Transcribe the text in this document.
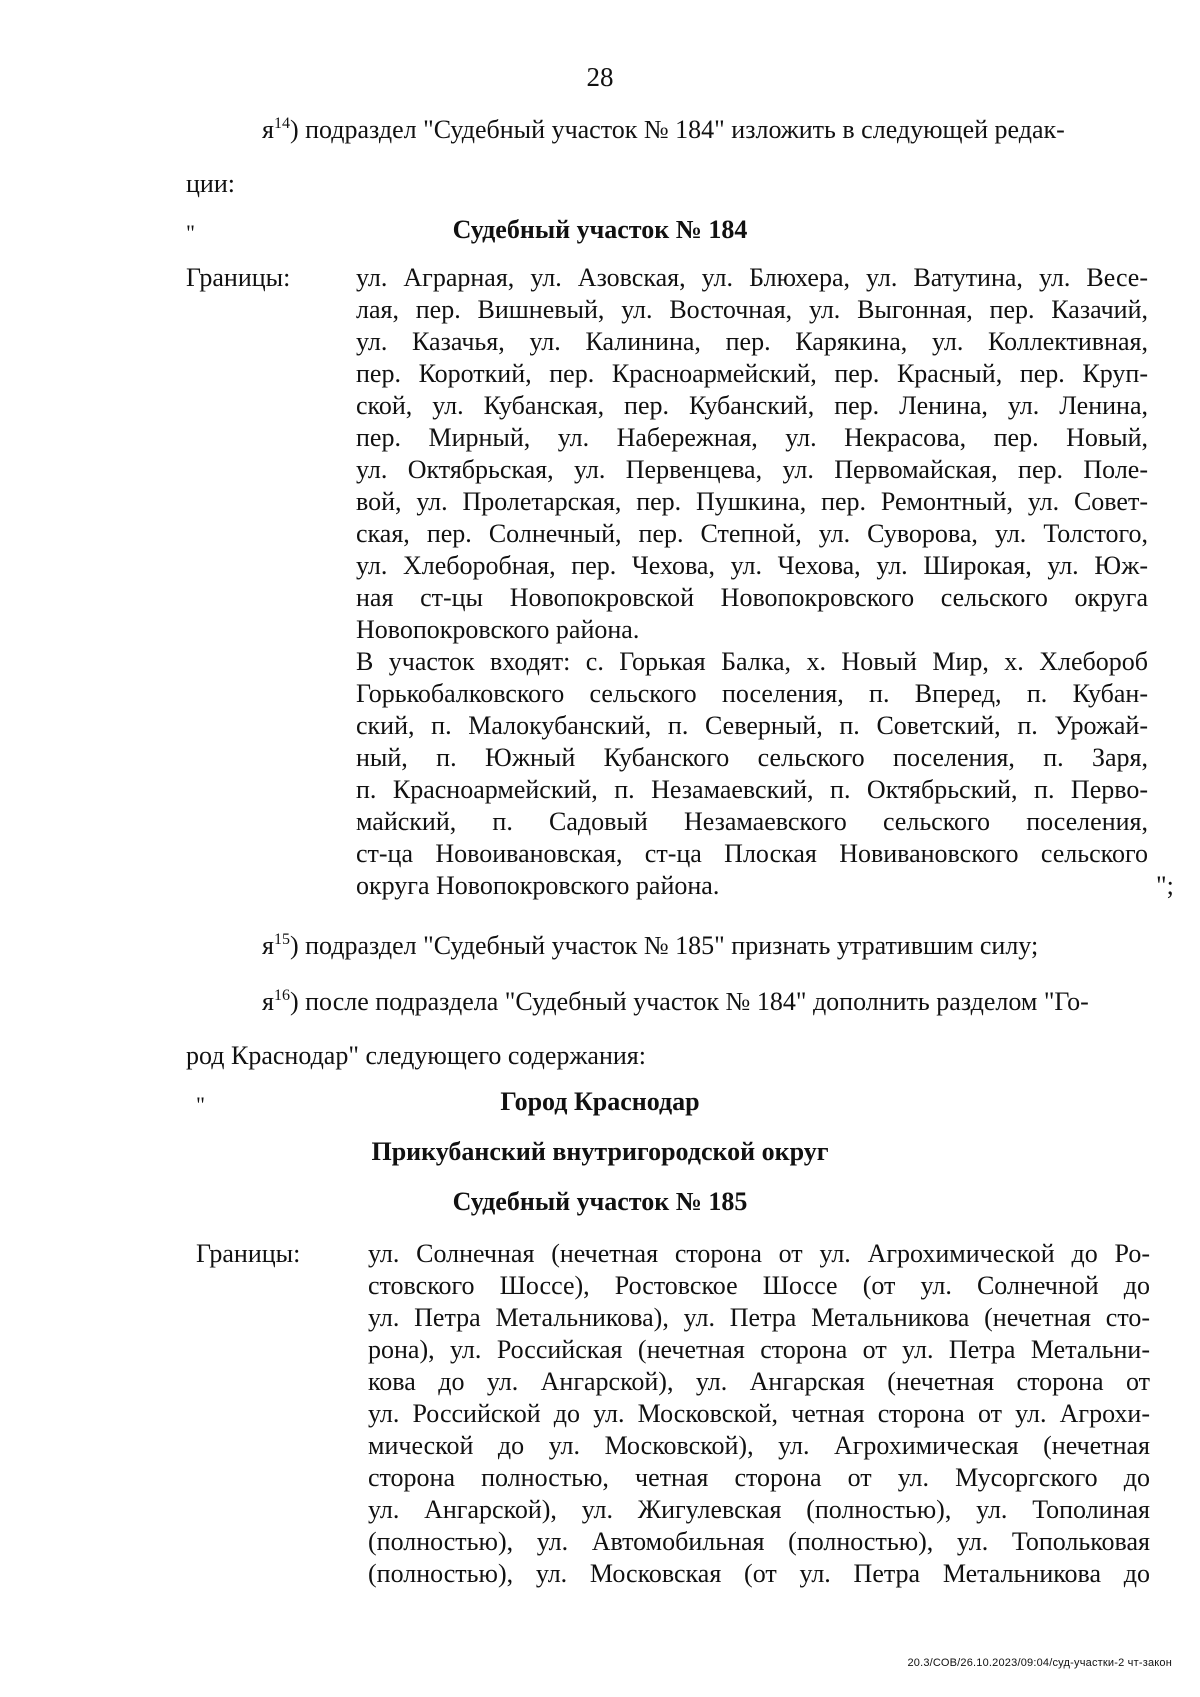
28
$я^{14}$) подраздел "Судебный участок № 184" изложить в следующей редак-
ции:
"	Судебный участок № 184
Границы:	ул. Аграрная, ул. Азовская, ул. Блюхера, ул. Ватутина, ул. Весе-
лая, пер. Вишневый, ул. Восточная, ул. Выгонная, пер. Казачий,
ул. Казачья, ул. Калинина, пер. Карякина, ул. Коллективная,
пер. Короткий, пер. Красноармейский, пер. Красный, пер. Круп-
ской, ул. Кубанская, пер. Кубанский, пер. Ленина, ул. Ленина,
пер. Мирный, ул. Набережная, ул. Некрасова, пер. Новый,
ул. Октябрьская, ул. Первенцева, ул. Первомайская, пер. Поле-
вой, ул. Пролетарская, пер. Пушкина, пер. Ремонтный, ул. Совет-
ская, пер. Солнечный, пер. Степной, ул. Суворова, ул. Толстого,
ул. Хлеборобная, пер. Чехова, ул. Чехова, ул. Широкая, ул. Юж-
ная ст-цы Новопокровской Новопокровского сельского округа
Новопокровского района.
В участок входят: с. Горькая Балка, х. Новый Мир, х. Хлебороб
Горькобалковского сельского поселения, п. Вперед, п. Кубан-
ский, п. Малокубанский, п. Северный, п. Советский, п. Урожай-
ный, п. Южный Кубанского сельского поселения, п. Заря,
п. Красноармейский, п. Незамаевский, п. Октябрьский, п. Перво-
майский, п. Садовый Незамаевского сельского поселения,
ст-ца Новоивановская, ст-ца Плоская Новивановского сельского
округа Новопокровского района.	";
$я^{15}$) подраздел "Судебный участок № 185" признать утратившим силу;
$я^{16}$) после подраздела "Судебный участок № 184" дополнить разделом "Го-
род Краснодар" следующего содержания:
"	Город Краснодар
Прикубанский внутригородской округ
Судебный участок № 185
Границы:	ул. Солнечная (нечетная сторона от ул. Агрохимической до Ро-
стовского Шоссе), Ростовское Шоссе (от ул. Солнечной до
ул. Петра Метальникова), ул. Петра Метальникова (нечетная сто-
рона), ул. Российская (нечетная сторона от ул. Петра Метальни-
кова до ул. Ангарской), ул. Ангарская (нечетная сторона от
ул. Российской до ул. Московской, четная сторона от ул. Агрохи-
мической до ул. Московской), ул. Агрохимическая (нечетная
сторона полностью, четная сторона от ул. Мусоргского до
ул. Ангарской), ул. Жигулевская (полностью), ул. Тополиная
(полностью), ул. Автомобильная (полностью), ул. Топольковая
(полностью), ул. Московская (от ул. Петра Метальникова до
20.3/СОВ/26.10.2023/09:04/суд-участки-2 чт-закон
